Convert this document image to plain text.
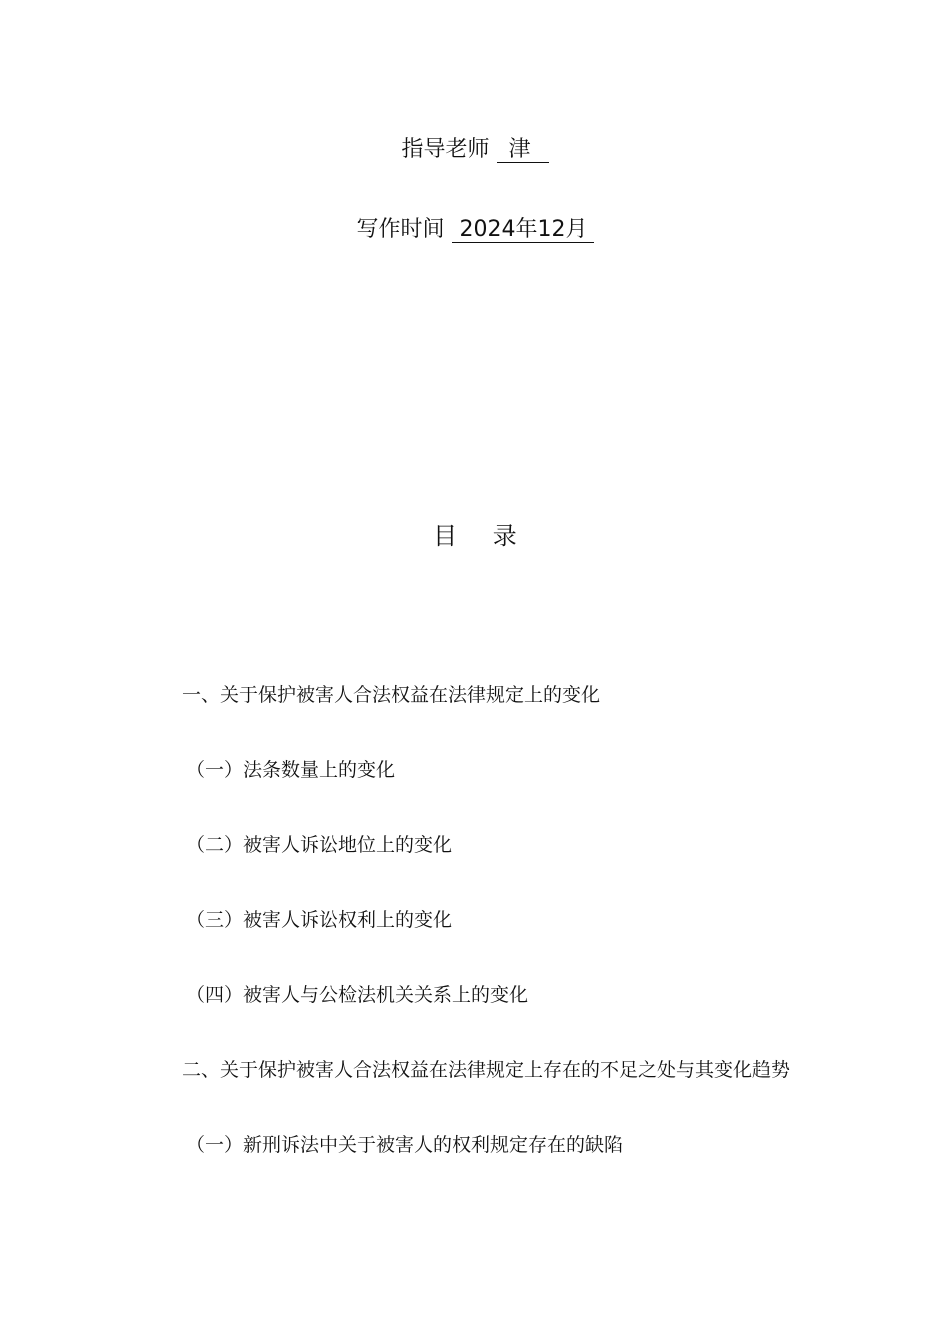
指导老师 津
写作时间 2024年12月
目 录
一、关于保护被害人合法权益在法律规定上的变化
（一）法条数量上的变化
（二）被害人诉讼地位上的变化
（三）被害人诉讼权利上的变化
（四）被害人与公检法机关关系上的变化
二、关于保护被害人合法权益在法律规定上存在的不足之处与其变化趋势
（一）新刑诉法中关于被害人的权利规定存在的缺陷
